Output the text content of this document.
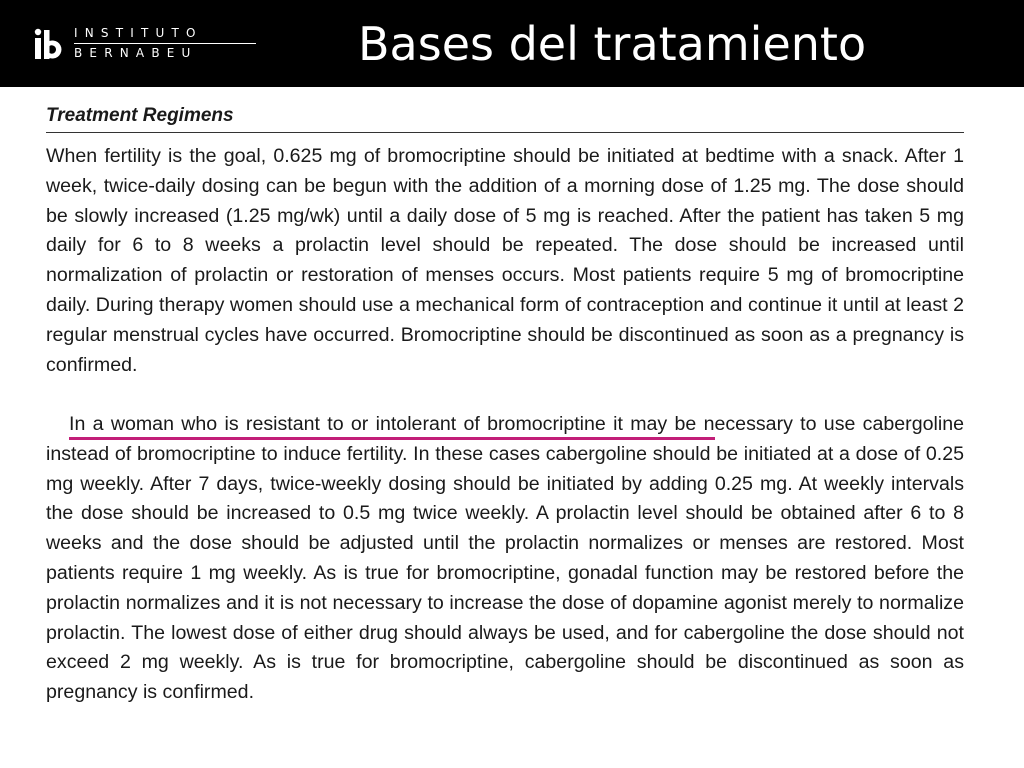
INSTITUTO
BERNABEU	Bases del tratamiento
Treatment Regimens

When fertility is the goal, 0.625 mg of bromocriptine should be initiated at bedtime with a snack. After 1 week, twice-daily dosing can be begun with the addition of a morning dose of 1.25 mg. The dose should be slowly increased (1.25 mg/wk) until a daily dose of 5 mg is reached. After the patient has taken 5 mg daily for 6 to 8 weeks a prolactin level should be repeated. The dose should be increased until normalization of prolactin or restoration of menses occurs. Most patients require 5 mg of bromocriptine daily. During therapy women should use a mechanical form of contraception and continue it until at least 2 regular menstrual cycles have occurred. Bromocriptine should be discontinued as soon as a pregnancy is confirmed.

In a woman who is resistant to or intolerant of bromocriptine it may be necessary to use cabergoline instead of bromocriptine to induce fertility. In these cases cabergoline should be initiated at a dose of 0.25 mg weekly. After 7 days, twice-weekly dosing should be initiated by adding 0.25 mg. At weekly intervals the dose should be increased to 0.5 mg twice weekly. A prolactin level should be obtained after 6 to 8 weeks and the dose should be adjusted until the prolactin normalizes or menses are restored. Most patients require 1 mg weekly. As is true for bromocriptine, gonadal function may be restored before the prolactin normalizes and it is not necessary to increase the dose of dopamine agonist merely to normalize prolactin. The lowest dose of either drug should always be used, and for cabergoline the dose should not exceed 2 mg weekly. As is true for bromocriptine, cabergoline should be discontinued as soon as pregnancy is confirmed.
